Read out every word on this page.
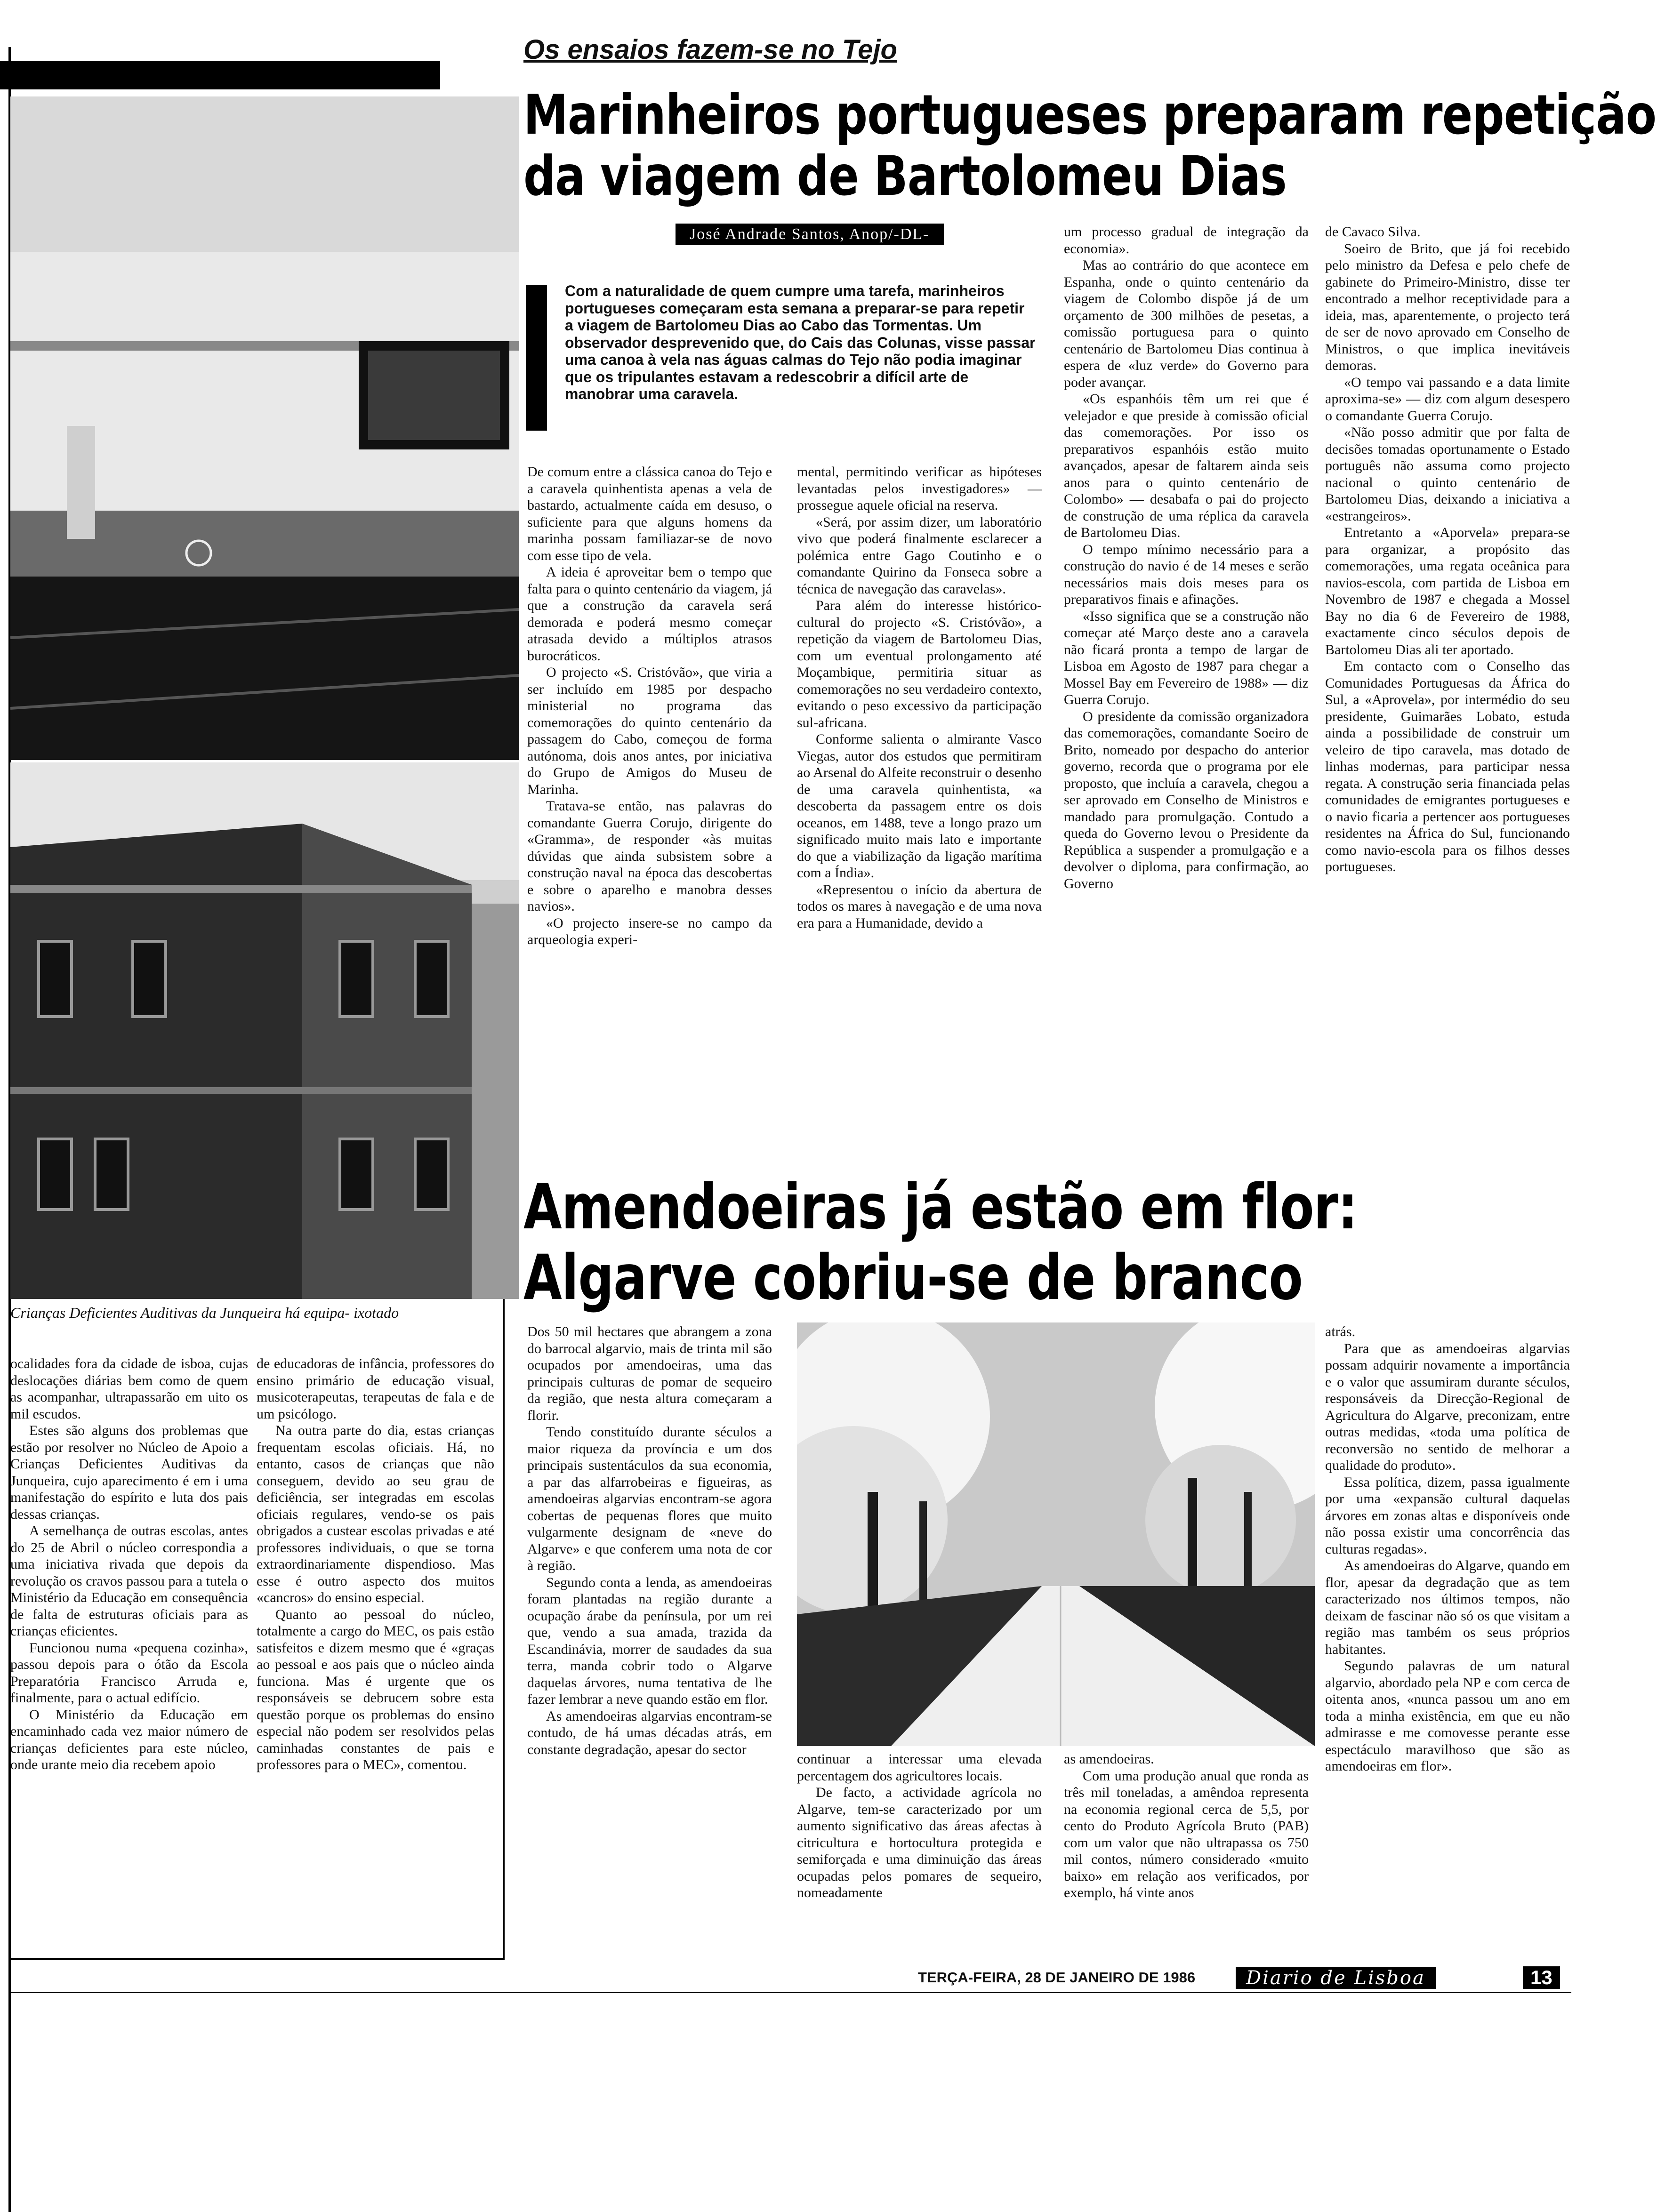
Crianças Deficientes Auditivas da Junqueira há equipa- ixotado

ocalidades fora da cidade de isboa, cujas deslocações diárias bem como de quem as acompanhar, ultrapassarão em uito os mil escudos.

Estes são alguns dos problemas que estão por resolver no Núcleo de Apoio a Crianças Deficientes Auditivas da Junqueira, cujo aparecimento é em i uma manifestação do espírito e luta dos pais dessas crianças.

A semelhança de outras escolas, antes do 25 de Abril o núcleo correspondia a uma iniciativa rivada que depois da revolução os cravos passou para a tutela o Ministério da Educação em consequência de falta de estruturas oficiais para as crianças eficientes.

Funcionou numa «pequena cozinha», passou depois para o ótão da Escola Preparatória Francisco Arruda e, finalmente, para o actual edifício.

O Ministério da Educação em encaminhado cada vez maior número de crianças deficientes para este núcleo, onde urante meio dia recebem apoio

de educadoras de infância, professores do ensino primário de educação visual, musicoterapeutas, terapeutas de fala e de um psicólogo.

Na outra parte do dia, estas crianças frequentam escolas oficiais. Há, no entanto, casos de crianças que não conseguem, devido ao seu grau de deficiência, ser integradas em escolas oficiais regulares, vendo-se os pais obrigados a custear escolas privadas e até professores individuais, o que se torna extraordinariamente dispendioso. Mas esse é outro aspecto dos muitos «cancros» do ensino especial.

Quanto ao pessoal do núcleo, totalmente a cargo do MEC, os pais estão satisfeitos e dizem mesmo que é «graças ao pessoal e aos pais que o núcleo ainda funciona. Mas é urgente que os responsáveis se debrucem sobre esta questão porque os problemas do ensino especial não podem ser resolvidos pelas caminhadas constantes de pais e professores para o MEC», comentou.

Os ensaios fazem-se no Tejo
Marinheiros portugueses preparam repetição
da viagem de Bartolomeu Dias
José Andrade Santos, Anop/-DL-
Com a naturalidade de quem cumpre uma tarefa, marinheiros portugueses começaram esta semana a preparar-se para repetir a viagem de Bartolomeu Dias ao Cabo das Tormentas. Um observador desprevenido que, do Cais das Colunas, visse passar uma canoa à vela nas águas calmas do Tejo não podia imaginar que os tripulantes estavam a redescobrir a difícil arte de manobrar uma caravela.

De comum entre a clássica canoa do Tejo e a caravela quinhentista apenas a vela de bastardo, actualmente caída em desuso, o suficiente para que alguns homens da marinha possam familiazar-se de novo com esse tipo de vela.

A ideia é aproveitar bem o tempo que falta para o quinto centenário da viagem, já que a construção da caravela será demorada e poderá mesmo começar atrasada devido a múltiplos atrasos burocráticos.

O projecto «S. Cristóvão», que viria a ser incluído em 1985 por despacho ministerial no programa das comemorações do quinto centenário da passagem do Cabo, começou de forma autónoma, dois anos antes, por iniciativa do Grupo de Amigos do Museu de Marinha.

Tratava-se então, nas palavras do comandante Guerra Corujo, dirigente do «Gramma», de responder «às muitas dúvidas que ainda subsistem sobre a construção naval na época das descobertas e sobre o aparelho e manobra desses navios».

«O projecto insere-se no campo da arqueologia experi-

mental, permitindo verificar as hipóteses levantadas pelos investigadores» — prosseguе aquele oficial na reserva.

«Será, por assim dizer, um laboratório vivo que poderá finalmente esclarecer a polémica entre Gago Coutinho e o comandante Quirino da Fonseca sobre a técnica de navegação das caravelas».

Para além do interesse histórico-cultural do projecto «S. Cristóvão», a repetição da viagem de Bartolomeu Dias, com um eventual prolongamento até Moçambique, permitiria situar as comemorações no seu verdadeiro contexto, evitando o peso excessivo da participação sul-africana.

Conforme salienta o almirante Vasco Viegas, autor dos estudos que permitiram ao Arsenal do Alfeite reconstruir o desenho de uma caravela quinhentista, «a descoberta da passagem entre os dois oceanos, em 1488, teve a longo prazo um significado muito mais lato e importante do que a viabilização da ligação marítima com a Índia».

«Representou o início da abertura de todos os mares à navegação e de uma nova era para a Humanidade, devido a

um processo gradual de integração da economia».

Mas ao contrário do que acontece em Espanha, onde o quinto centenário da viagem de Colombo dispõe já de um orçamento de 300 milhões de pesetas, a comissão portuguesa para o quinto centenário de Bartolomeu Dias continua à espera de «luz verde» do Governo para poder avançar.

«Os espanhóis têm um rei que é velejador e que preside à comissão oficial das comemorações. Por isso os preparativos espanhóis estão muito avançados, apesar de faltarem ainda seis anos para o quinto centenário de Colombo» — desabafa o pai do projecto de construção de uma réplica da caravela de Bartolomeu Dias.

O tempo mínimo necessário para a construção do navio é de 14 meses e serão necessários mais dois meses para os preparativos finais e afinações.

«Isso significa que se a construção não começar até Março deste ano a caravela não ficará pronta a tempo de largar de Lisboa em Agosto de 1987 para chegar a Mossel Bay em Fevereiro de 1988» — diz Guerra Corujo.

O presidente da comissão organizadora das comemorações, comandante Soeiro de Brito, nomeado por despacho do anterior governo, recorda que o programa por ele proposto, que incluía a caravela, chegou a ser aprovado em Conselho de Ministros e mandado para promulgação. Contudo a queda do Governo levou o Presidente da República a suspender a promulgação e a devolver o diploma, para confirmação, ao Governo

de Cavaco Silva.

Soeiro de Brito, que já foi recebido pelo ministro da Defesa e pelo chefe de gabinete do Primeiro-Ministro, disse ter encontrado a melhor receptividade para a ideia, mas, aparentemente, o projecto terá de ser de novo aprovado em Conselho de Ministros, o que implica inevitáveis demoras.

«O tempo vai passando e a data limite aproxima-se» — diz com algum desespero o comandante Guerra Corujo.

«Não posso admitir que por falta de decisões tomadas oportunamente o Estado português não assuma como projecto nacional o quinto centenário de Bartolomeu Dias, deixando a iniciativa a «estrangeiros».

Entretanto a «Aporvela» prepara-se para organizar, a propósito das comemorações, uma regata oceânica para navios-escola, com partida de Lisboa em Novembro de 1987 e chegada a Mossel Bay no dia 6 de Fevereiro de 1988, exactamente cinco séculos depois de Bartolomeu Dias ali ter aportado.

Em contacto com o Conselho das Comunidades Portuguesas da África do Sul, a «Aprovela», por intermédio do seu presidente, Guimarães Lobato, estuda ainda a possibilidade de construir um veleiro de tipo caravela, mas dotado de linhas modernas, para participar nessa regata. A construção seria financiada pelas comunidades de emigrantes portugueses e o navio ficaria a pertencer aos portugueses residentes na África do Sul, funcionando como navio-escola para os filhos desses portugueses.

Amendoeiras já estão em flor:
Algarve cobriu-se de branco

Dos 50 mil hectares que abrangem a zona do barrocal algarvio, mais de trinta mil são ocupados por amendoeiras, uma das principais culturas de pomar de sequeiro da região, que nesta altura começaram a florir.

Tendo constituído durante séculos a maior riqueza da província e um dos principais sustentáculos da sua economia, a par das alfarrobeiras e figueiras, as amendoeiras algarvias encontram-se agora cobertas de pequenas flores que muito vulgarmente designam de «neve do Algarve» e que conferem uma nota de cor à região.

Segundo conta a lenda, as amendoeiras foram plantadas na região durante a ocupação árabe da península, por um rei que, vendo a sua amada, trazida da Escandinávia, morrer de saudades da sua terra, manda cobrir todo o Algarve daquelas árvores, numa tentativa de lhe fazer lembrar a neve quando estão em flor.

As amendoeiras algarvias encontram-se contudo, de há umas décadas atrás, em constante degradação, apesar do sector

continuar a interessar uma elevada percentagem dos agricultores locais.

De facto, a actividade agrícola no Algarve, tem-se caracterizado por um aumento significativo das áreas afectas à citricultura e hortocultura protegida e semiforçada e uma diminuição das áreas ocupadas pelos pomares de sequeiro, nomeadamente

as amendoeiras.

Com uma produção anual que ronda as três mil toneladas, a amêndoa representa na economia regional cerca de 5,5, por cento do Produto Agrícola Bruto (PAB) com um valor que não ultrapassa os 750 mil contos, número considerado «muito baixo» em relação aos verificados, por exemplo, há vinte anos

atrás.

Para que as amendoeiras algarvias possam adquirir novamente a importância e o valor que assumiram durante séculos, responsáveis da Direcção-Regional de Agricultura do Algarve, preconizam, entre outras medidas, «toda uma política de reconversão no sentido de melhorar a qualidade do produto».

Essa política, dizem, passa igualmente por uma «expansão cultural daquelas árvores em zonas altas e disponíveis onde não possa existir uma concorrência das culturas regadas».

As amendoeiras do Algarve, quando em flor, apesar da degradação que as tem caracterizado nos últimos tempos, não deixam de fascinar não só os que visitam a região mas também os seus próprios habitantes.

Segundo palavras de um natural algarvio, abordado pela NP e com cerca de oitenta anos, «nunca passou um ano em toda a minha existência, em que eu não admirasse e me comovesse perante esse espectáculo maravilhoso que são as amendoeiras em flor».

TERÇA-FEIRA, 28 DE JANEIRO DE 1986	Diario de Lisboa	13
